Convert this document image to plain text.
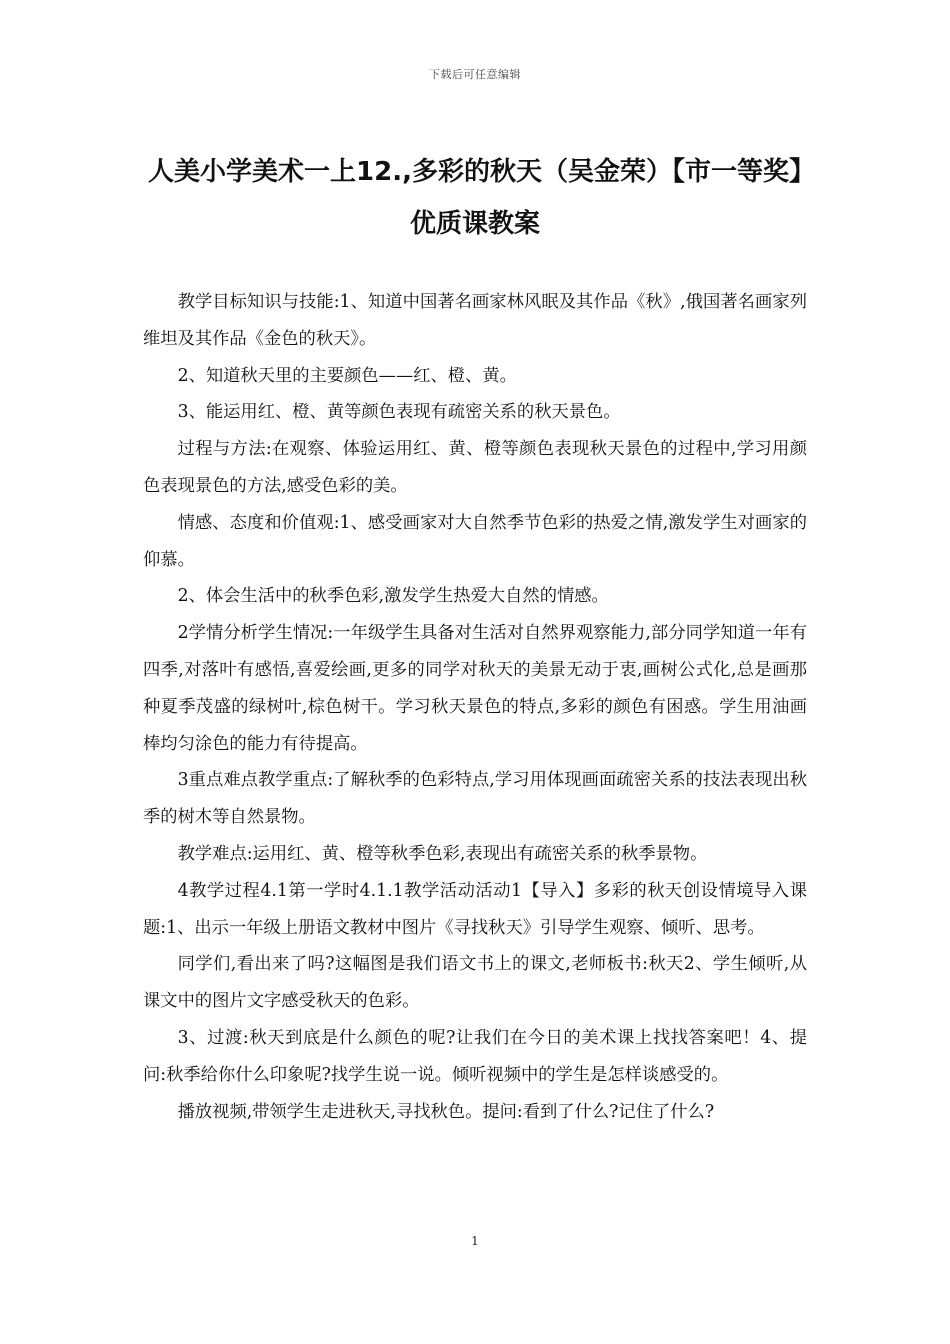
下载后可任意编辑
人美小学美术一上12.,多彩的秋天（吴金荣）【市一等奖】优质课教案

教学目标知识与技能:1、知道中国著名画家林风眠及其作品《秋》,俄国著名画家列维坦及其作品《金色的秋天》。

2、知道秋天里的主要颜色——红、橙、黄。

3、能运用红、橙、黄等颜色表现有疏密关系的秋天景色。

过程与方法:在观察、体验运用红、黄、橙等颜色表现秋天景色的过程中,学习用颜色表现景色的方法,感受色彩的美。

情感、态度和价值观:1、感受画家对大自然季节色彩的热爱之情,激发学生对画家的仰慕。

2、体会生活中的秋季色彩,激发学生热爱大自然的情感。

2学情分析学生情况:一年级学生具备对生活对自然界观察能力,部分同学知道一年有四季,对落叶有感悟,喜爱绘画,更多的同学对秋天的美景无动于衷,画树公式化,总是画那种夏季茂盛的绿树叶,棕色树干。学习秋天景色的特点,多彩的颜色有困惑。学生用油画棒均匀涂色的能力有待提高。

3重点难点教学重点:了解秋季的色彩特点,学习用体现画面疏密关系的技法表现出秋季的树木等自然景物。

教学难点:运用红、黄、橙等秋季色彩,表现出有疏密关系的秋季景物。

4教学过程4.1第一学时4.1.1教学活动活动1【导入】多彩的秋天创设情境导入课题:1、出示一年级上册语文教材中图片《寻找秋天》引导学生观察、倾听、思考。

同学们,看出来了吗?这幅图是我们语文书上的课文,老师板书:秋天2、学生倾听,从课文中的图片文字感受秋天的色彩。

3、过渡:秋天到底是什么颜色的呢?让我们在今日的美术课上找找答案吧！4、提问:秋季给你什么印象呢?找学生说一说。倾听视频中的学生是怎样谈感受的。

播放视频,带领学生走进秋天,寻找秋色。提问:看到了什么?记住了什么?

1
